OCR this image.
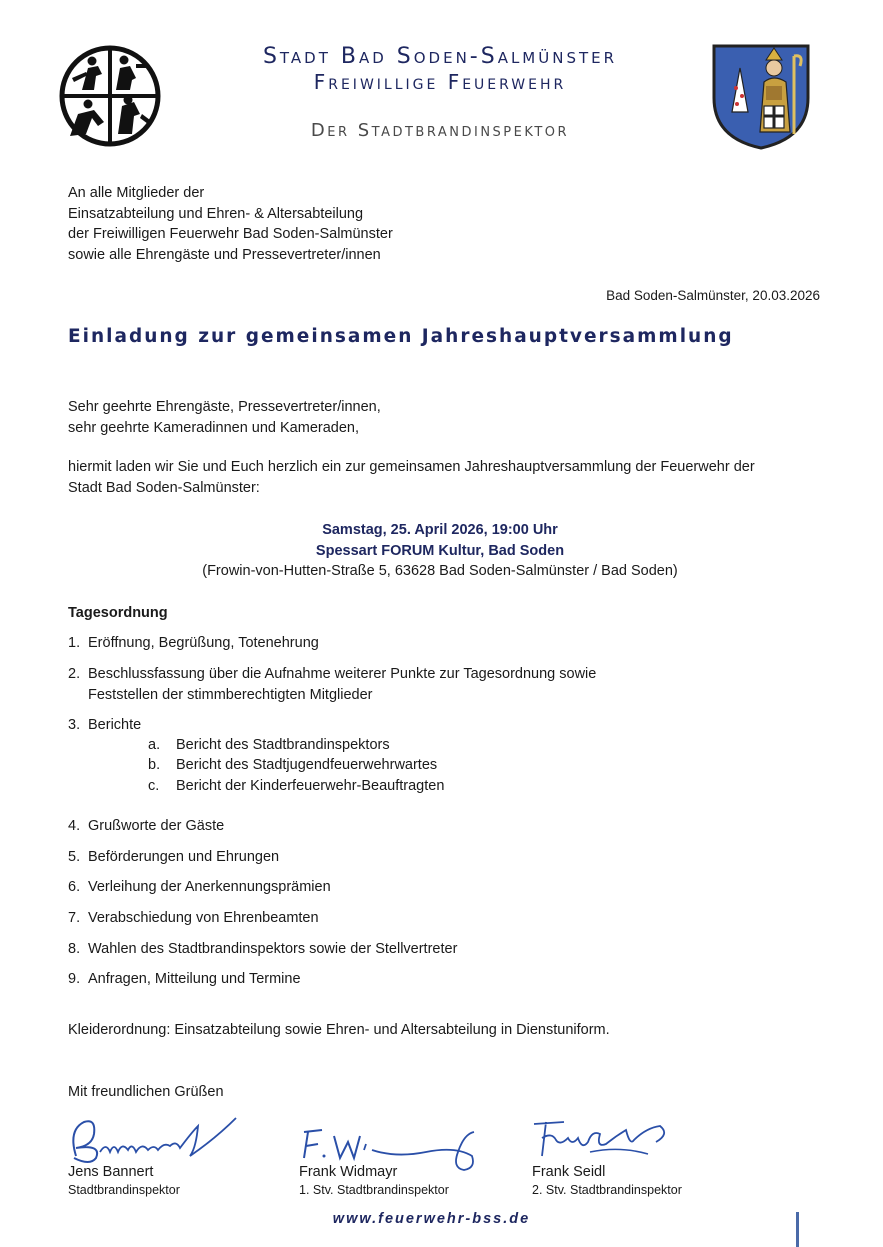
Stadt Bad Soden-Salmünster
Freiwillige Feuerwehr
Der Stadtbrandinspektor
An alle Mitglieder der
Einsatzabteilung und Ehren- & Altersabteilung
der Freiwilligen Feuerwehr Bad Soden-Salmünster
sowie alle Ehrengäste und Pressevertreter/innen
Bad Soden-Salmünster, 20.03.2026
Einladung zur gemeinsamen Jahreshauptversammlung
Sehr geehrte Ehrengäste, Pressevertreter/innen,
sehr geehrte Kameradinnen und Kameraden,
hiermit laden wir Sie und Euch herzlich ein zur gemeinsamen Jahreshauptversammlung der Feuerwehr der
Stadt Bad Soden-Salmünster:
Samstag, 25. April 2026, 19:00 Uhr
Spessart FORUM Kultur, Bad Soden
(Frowin-von-Hutten-Straße 5, 63628 Bad Soden-Salmünster / Bad Soden)
Tagesordnung
1. Eröffnung, Begrüßung, Totenehrung
2. Beschlussfassung über die Aufnahme weiterer Punkte zur Tagesordnung sowie
Feststellen der stimmberechtigten Mitglieder
3. Berichte
a. Bericht des Stadtbrandinspektors
b. Bericht des Stadtjugendfeuerwehrwartes
c. Bericht der Kinderfeuerwehr-Beauftragten
4. Grußworte der Gäste
5. Beförderungen und Ehrungen
6. Verleihung der Anerkennungsprämien
7. Verabschiedung von Ehrenbeamten
8. Wahlen des Stadtbrandinspektors sowie der Stellvertreter
9. Anfragen, Mitteilung und Termine
Kleiderordnung: Einsatzabteilung sowie Ehren- und Altersabteilung in Dienstuniform.
Mit freundlichen Grüßen
Jens Bannert
Stadtbrandinspektor
Frank Widmayr
1. Stv. Stadtbrandinspektor
Frank Seidl
2. Stv. Stadtbrandinspektor
www.feuerwehr-bss.de
